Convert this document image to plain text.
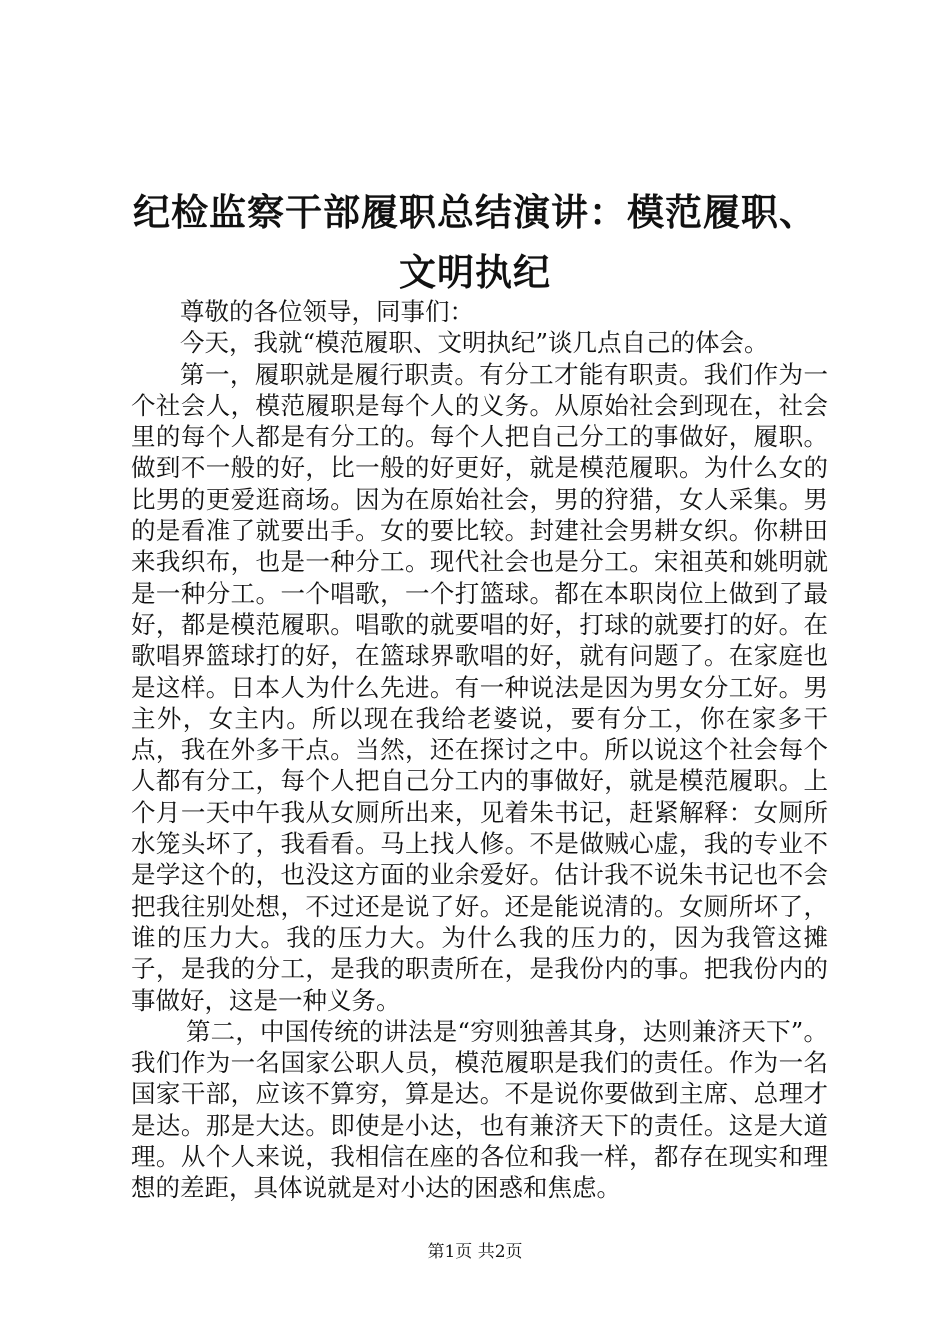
纪检监察干部履职总结演讲：模范履职、文明执纪

尊敬的各位领导，同事们：

今天，我就“模范履职、文明执纪”谈几点自己的体会。

第一，履职就是履行职责。有分工才能有职责。我们作为一个社会人，模范履职是每个人的义务。从原始社会到现在，社会里的每个人都是有分工的。每个人把自己分工的事做好，履职。做到不一般的好，比一般的好更好，就是模范履职。为什么女的比男的更爱逛商场。因为在原始社会，男的狩猎，女人采集。男的是看准了就要出手。女的要比较。封建社会男耕女织。你耕田来我织布，也是一种分工。现代社会也是分工。宋祖英和姚明就是一种分工。一个唱歌，一个打篮球。都在本职岗位上做到了最好，都是模范履职。唱歌的就要唱的好，打球的就要打的好。在歌唱界篮球打的好，在篮球界歌唱的好，就有问题了。在家庭也是这样。日本人为什么先进。有一种说法是因为男女分工好。男主外，女主内。所以现在我给老婆说，要有分工，你在家多干点，我在外多干点。当然，还在探讨之中。所以说这个社会每个人都有分工，每个人把自己分工内的事做好，就是模范履职。上个月一天中午我从女厕所出来，见着朱书记，赶紧解释：女厕所水笼头坏了，我看看。马上找人修。不是做贼心虚，我的专业不是学这个的，也没这方面的业余爱好。估计我不说朱书记也不会把我往别处想，不过还是说了好。还是能说清的。女厕所坏了，谁的压力大。我的压力大。为什么我的压力的，因为我管这摊子，是我的分工，是我的职责所在，是我份内的事。把我份内的事做好，这是一种义务。

第二，中国传统的讲法是“穷则独善其身，达则兼济天下”。我们作为一名国家公职人员，模范履职是我们的责任。作为一名国家干部，应该不算穷，算是达。不是说你要做到主席、总理才是达。那是大达。即使是小达，也有兼济天下的责任。这是大道理。从个人来说，我相信在座的各位和我一样，都存在现实和理想的差距，具体说就是对小达的困惑和焦虑。

第1页 共2页
